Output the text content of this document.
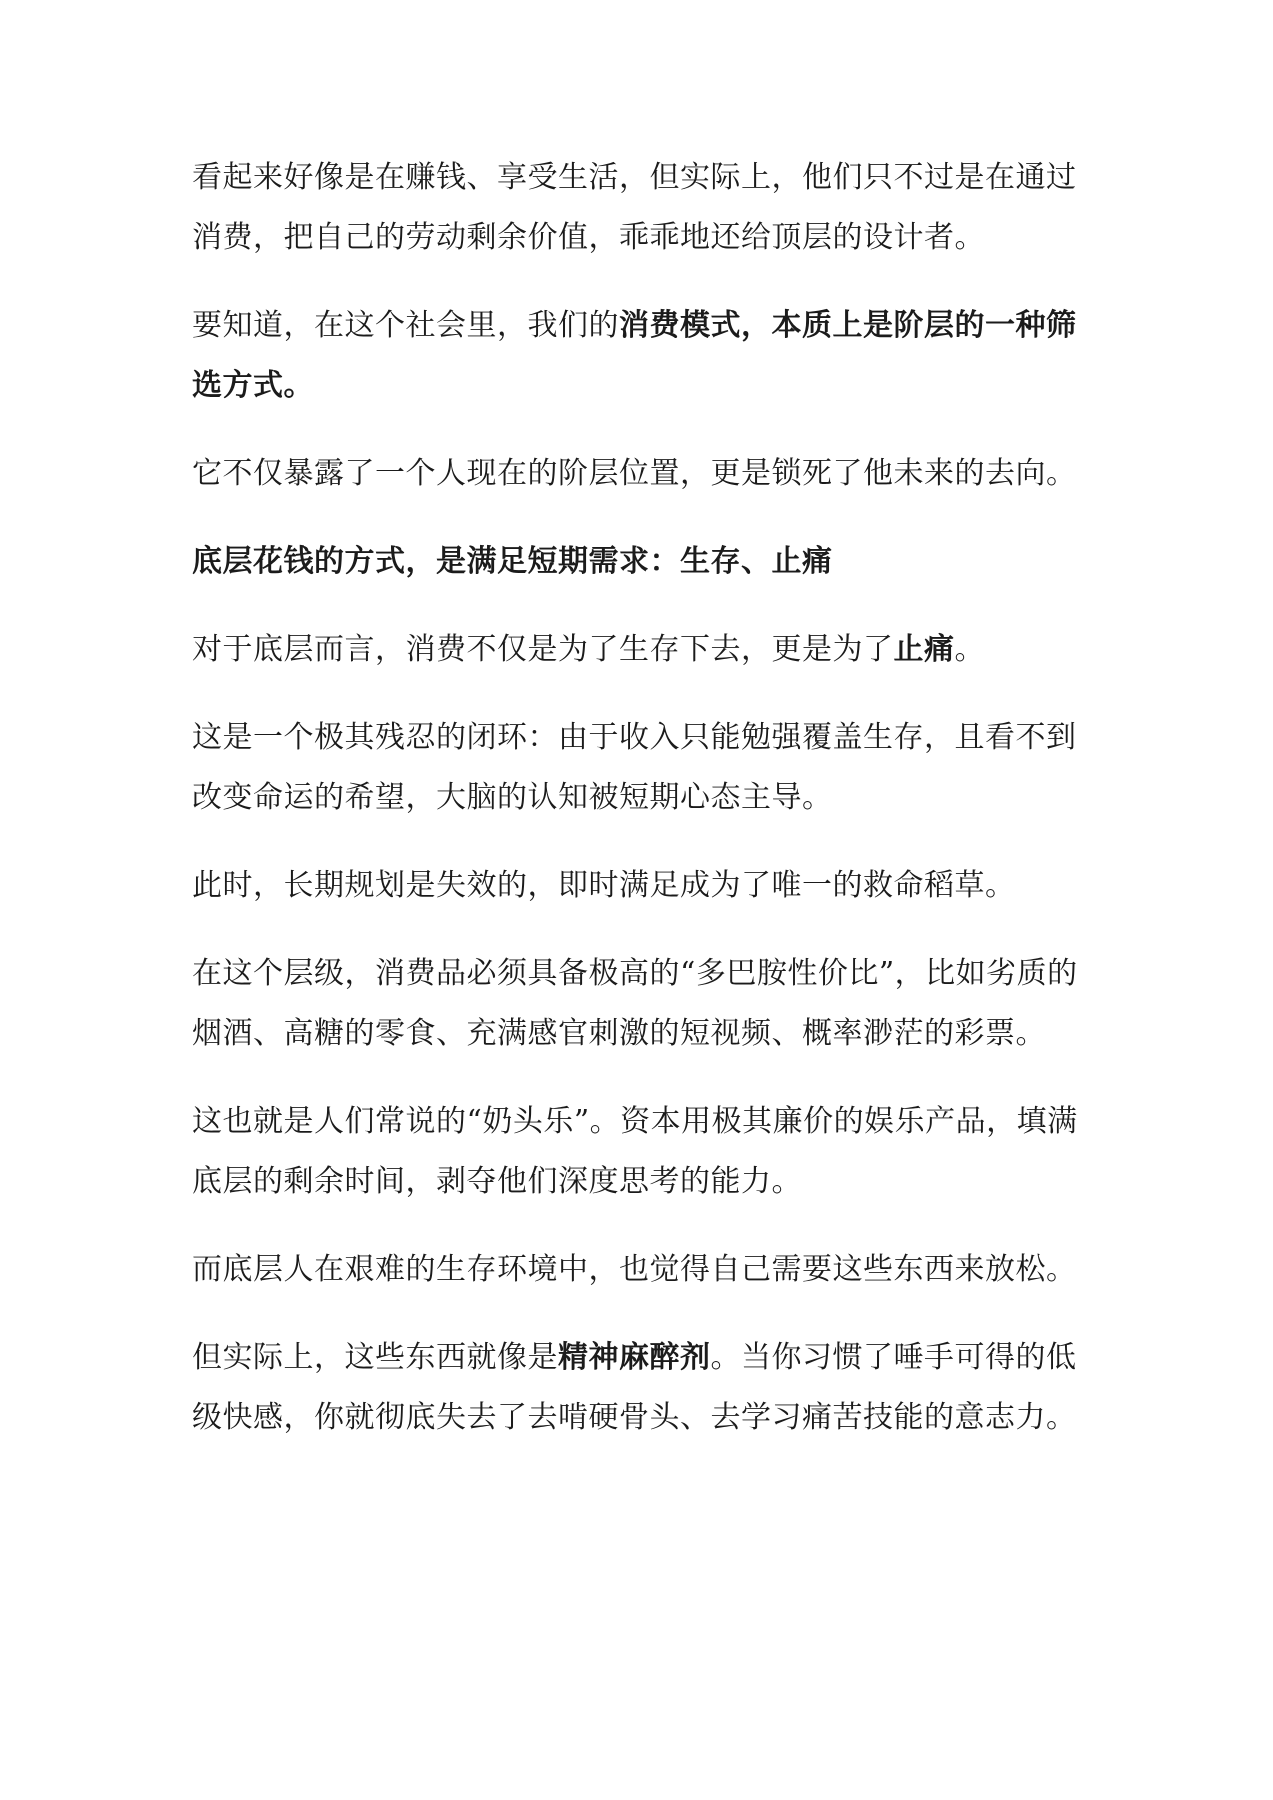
看起来好像是在赚钱、享受生活，但实际上，他们只不过是在通过消费，把自己的劳动剩余价值，乖乖地还给顶层的设计者。

要知道，在这个社会里，我们的消费模式，本质上是阶层的一种筛选方式。

它不仅暴露了一个人现在的阶层位置，更是锁死了他未来的去向。

底层花钱的方式，是满足短期需求：生存、止痛

对于底层而言，消费不仅是为了生存下去，更是为了止痛。

这是一个极其残忍的闭环：由于收入只能勉强覆盖生存，且看不到改变命运的希望，大脑的认知被短期心态主导。

此时，长期规划是失效的，即时满足成为了唯一的救命稻草。

在这个层级，消费品必须具备极高的“多巴胺性价比”，比如劣质的烟酒、高糖的零食、充满感官刺激的短视频、概率渺茫的彩票。

这也就是人们常说的“奶头乐”。资本用极其廉价的娱乐产品，填满底层的剩余时间，剥夺他们深度思考的能力。

而底层人在艰难的生存环境中，也觉得自己需要这些东西来放松。

但实际上，这些东西就像是精神麻醉剂。当你习惯了唾手可得的低级快感，你就彻底失去了去啃硬骨头、去学习痛苦技能的意志力。
